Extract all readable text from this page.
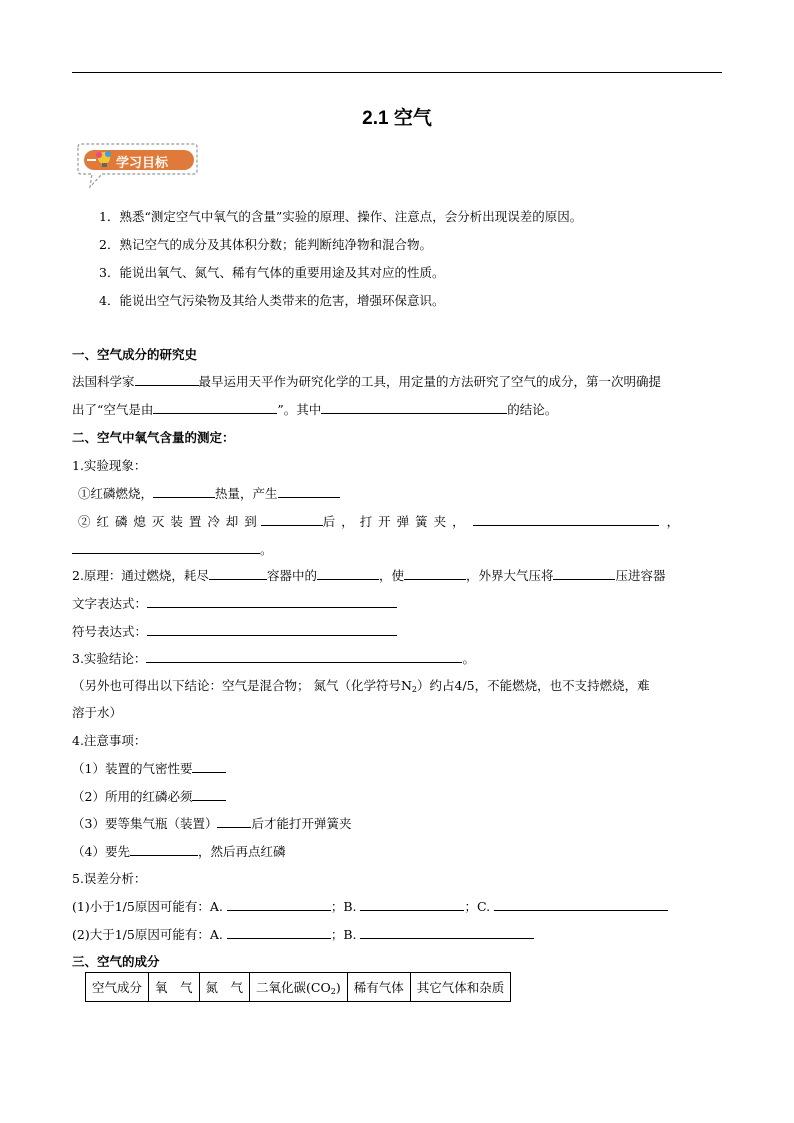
2.1 空气
学习目标
1．熟悉“测定空气中氧气的含量”实验的原理、操作、注意点，会分析出现误差的原因。
2．熟记空气的成分及其体积分数；能判断纯净物和混合物。
3．能说出氧气、氮气、稀有气体的重要用途及其对应的性质。
4．能说出空气污染物及其给人类带来的危害，增强环保意识。
一、空气成分的研究史
法国科学家	最早运用天平作为研究化学的工具，用定量的方法研究了空气的成分，第一次明确提
出了“空气是由	”。其中	的结论。
二、空气中氧气含量的测定：
1.实验现象：
①红磷燃烧，	热量，产生
② 红 磷 熄 灭 装 置 冷 却 到	后 ， 打 开 弹 簧 夹 ，	，
。
2.原理：通过燃烧，耗尽	容器中的	，使	，外界大气压将	压进容器
文字表达式：
符号表达式：
3.实验结论：	。
（另外也可得出以下结论：空气是混合物； 氮气（化学符号$N_2$）约占4/5，不能燃烧，也不支持燃烧，难
溶于水）
4.注意事项：
（1）装置的气密性要
（2）所用的红磷必须
（3）要等集气瓶（装置）	后才能打开弹簧夹
（4）要先	，然后再点红磷
5.误差分析：
(1)小于1/5原因可能有：A.	；B.	；C.
(2)大于1/5原因可能有：A.	；B.
三、空气的成分
空气成分	氧　气	氮　气	二氧化碳$(CO_2)$	稀有气体	其它气体和杂质
